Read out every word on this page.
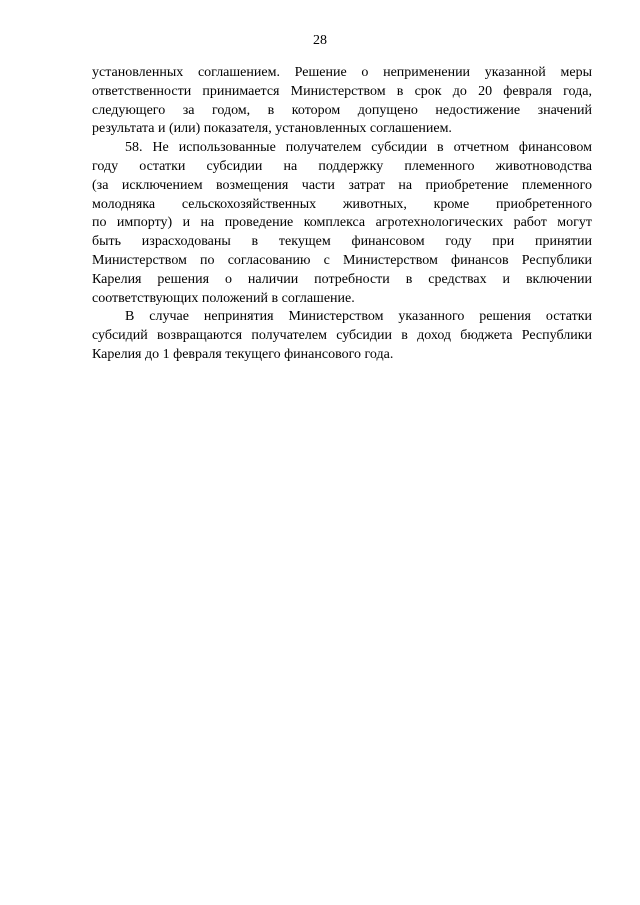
28
установленных соглашением. Решение о неприменении указанной меры
ответственности принимается Министерством в срок до 20 февраля года,
следующего за годом, в котором допущено недостижение значений
результата и (или) показателя, установленных соглашением.
58. Не использованные получателем субсидии в отчетном финансовом
году остатки субсидии на поддержку племенного животноводства
(за исключением возмещения части затрат на приобретение племенного
молодняка сельскохозяйственных животных, кроме приобретенного
по импорту) и на проведение комплекса агротехнологических работ могут
быть израсходованы в текущем финансовом году при принятии
Министерством по согласованию с Министерством финансов Республики
Карелия решения о наличии потребности в средствах и включении
соответствующих положений в соглашение.
В случае непринятия Министерством указанного решения остатки
субсидий возвращаются получателем субсидии в доход бюджета Республики
Карелия до 1 февраля текущего финансового года.
